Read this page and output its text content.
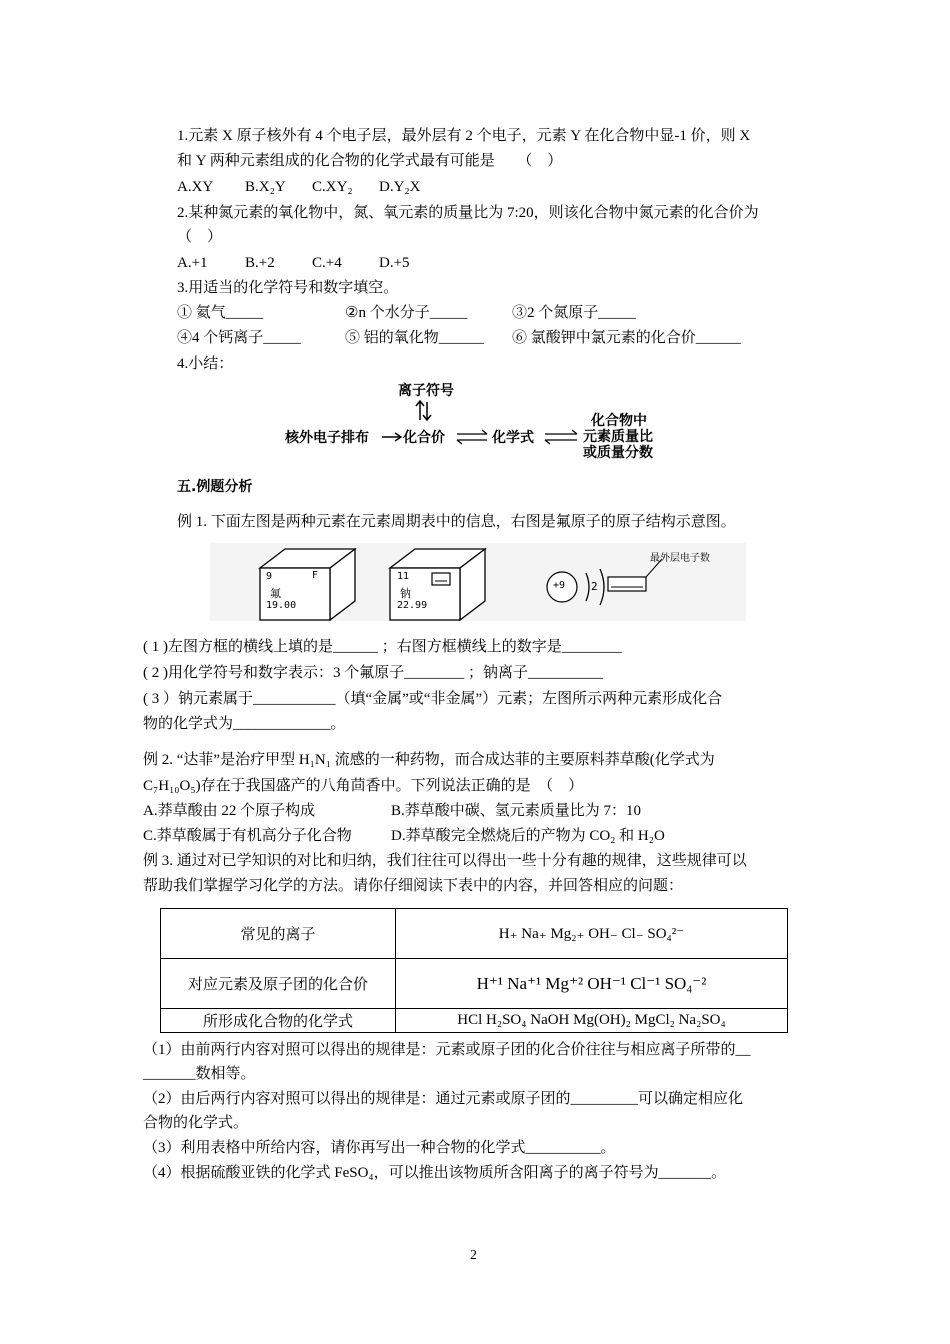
1.元素 X 原子核外有 4 个电子层，最外层有 2 个电子，元素 Y 在化合物中显-1 价，则 X
和 Y 两种元素组成的化合物的化学式最有可能是　　（　）
A.XY B.X₂Y C.XY₂ D.Y₂X
2.某种氮元素的氧化物中，氮、氧元素的质量比为 7:20，则该化合物中氮元素的化合价为
（　）
A.+1 B.+2 C.+4 D.+5
3.用适当的化学符号和数字填空。
① 氦气_____	②n 个水分子_____	③2 个氮原子_____
④4 个钙离子_____	⑤ 铝的氧化物______ ⑥ 氯酸钾中氯元素的化合价______
4.小结：
离子符号
核外电子排布 化合价	化学式
化合物中
元素质量比
或质量分数
五.例题分析
例 1. 下面左图是两种元素在元素周期表中的信息，右图是氟原子的原子结构示意图。
9	F
氟
19.00
11
钠
22.99
+9 2
最外层电子数
( 1 )左图方框的横线上填的是______ ；右图方框横线上的数字是________
( 2 )用化学符号和数字表示：3 个氟原子________ ；钠离子__________
( 3 ）钠元素属于___________（填“金属”或“非金属”）元素；左图所示两种元素形成化合
物的化学式为_____________。
例 2. “达菲”是治疗甲型 H₁N₁ 流感的一种药物，而合成达菲的主要原料莽草酸(化学式为
C₇H₁₀O₅)存在于我国盛产的八角茴香中。下列说法正确的是　（　）
A.莽草酸由 22 个原子构成	B.莽草酸中碳、氢元素质量比为 7：10
C.莽草酸属于有机高分子化合物	D.莽草酸完全燃烧后的产物为 CO₂ 和 H₂O
例 3. 通过对已学知识的对比和归纳，我们往往可以得出一些十分有趣的规律，这些规律可以
帮助我们掌握学习化学的方法。请你仔细阅读下表中的内容，并回答相应的问题：
常见的离子	H₊ Na₊ Mg₂₊ OH₋ Cl₋ SO₄²⁻
对应元素及原子团的化合价	H⁺¹ Na⁺¹ Mg⁺² OH⁻¹ Cl⁻¹ SO₄⁻²
所形成化合物的化学式	HCl H₂SO₄ NaOH Mg(OH)₂ MgCl₂ Na₂SO₄
（1）由前两行内容对照可以得出的规律是：元素或原子团的化合价往往与相应离子所带的__
_______数相等。
（2）由后两行内容对照可以得出的规律是：通过元素或原子团的_________可以确定相应化
合物的化学式。
（3）利用表格中所给内容，请你再写出一种合物的化学式__________。
（4）根据硫酸亚铁的化学式 FeSO₄，可以推出该物质所含阳离子的离子符号为_______。
2
